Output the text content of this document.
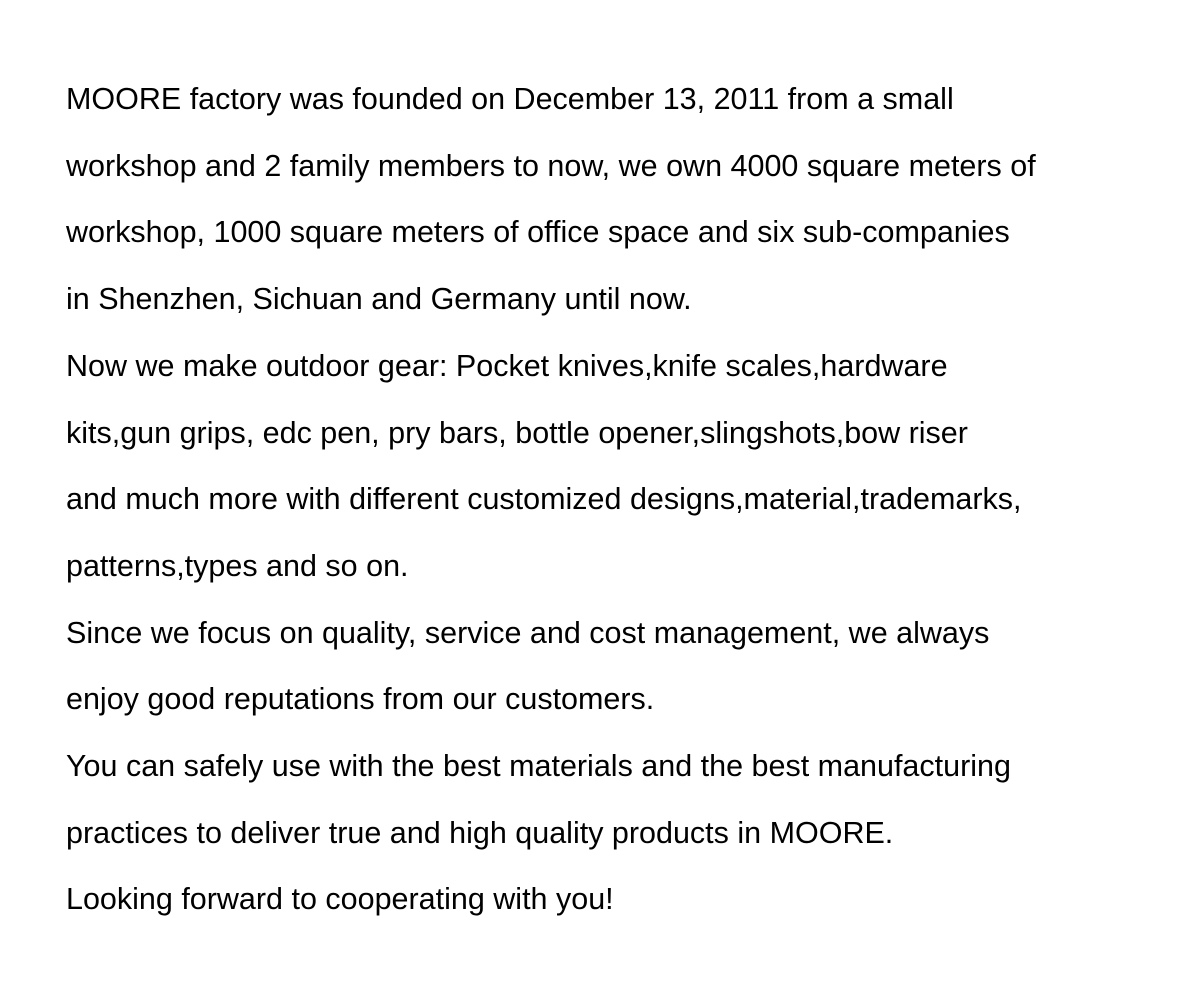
MOORE factory was founded on December 13, 2011 from a small
workshop and 2 family members to now, we own 4000 square meters of
workshop, 1000 square meters of office space and six sub-companies
in Shenzhen, Sichuan and Germany until now.

Now we make outdoor gear: Pocket knives,knife scales,hardware
kits,gun grips, edc pen, pry bars, bottle opener,slingshots,bow riser
and much more with different customized designs,material,trademarks,
patterns,types and so on.

Since we focus on quality, service and cost management, we always
enjoy good reputations from our customers.

You can safely use with the best materials and the best manufacturing
practices to deliver true and high quality products in MOORE.

Looking forward to cooperating with you!
